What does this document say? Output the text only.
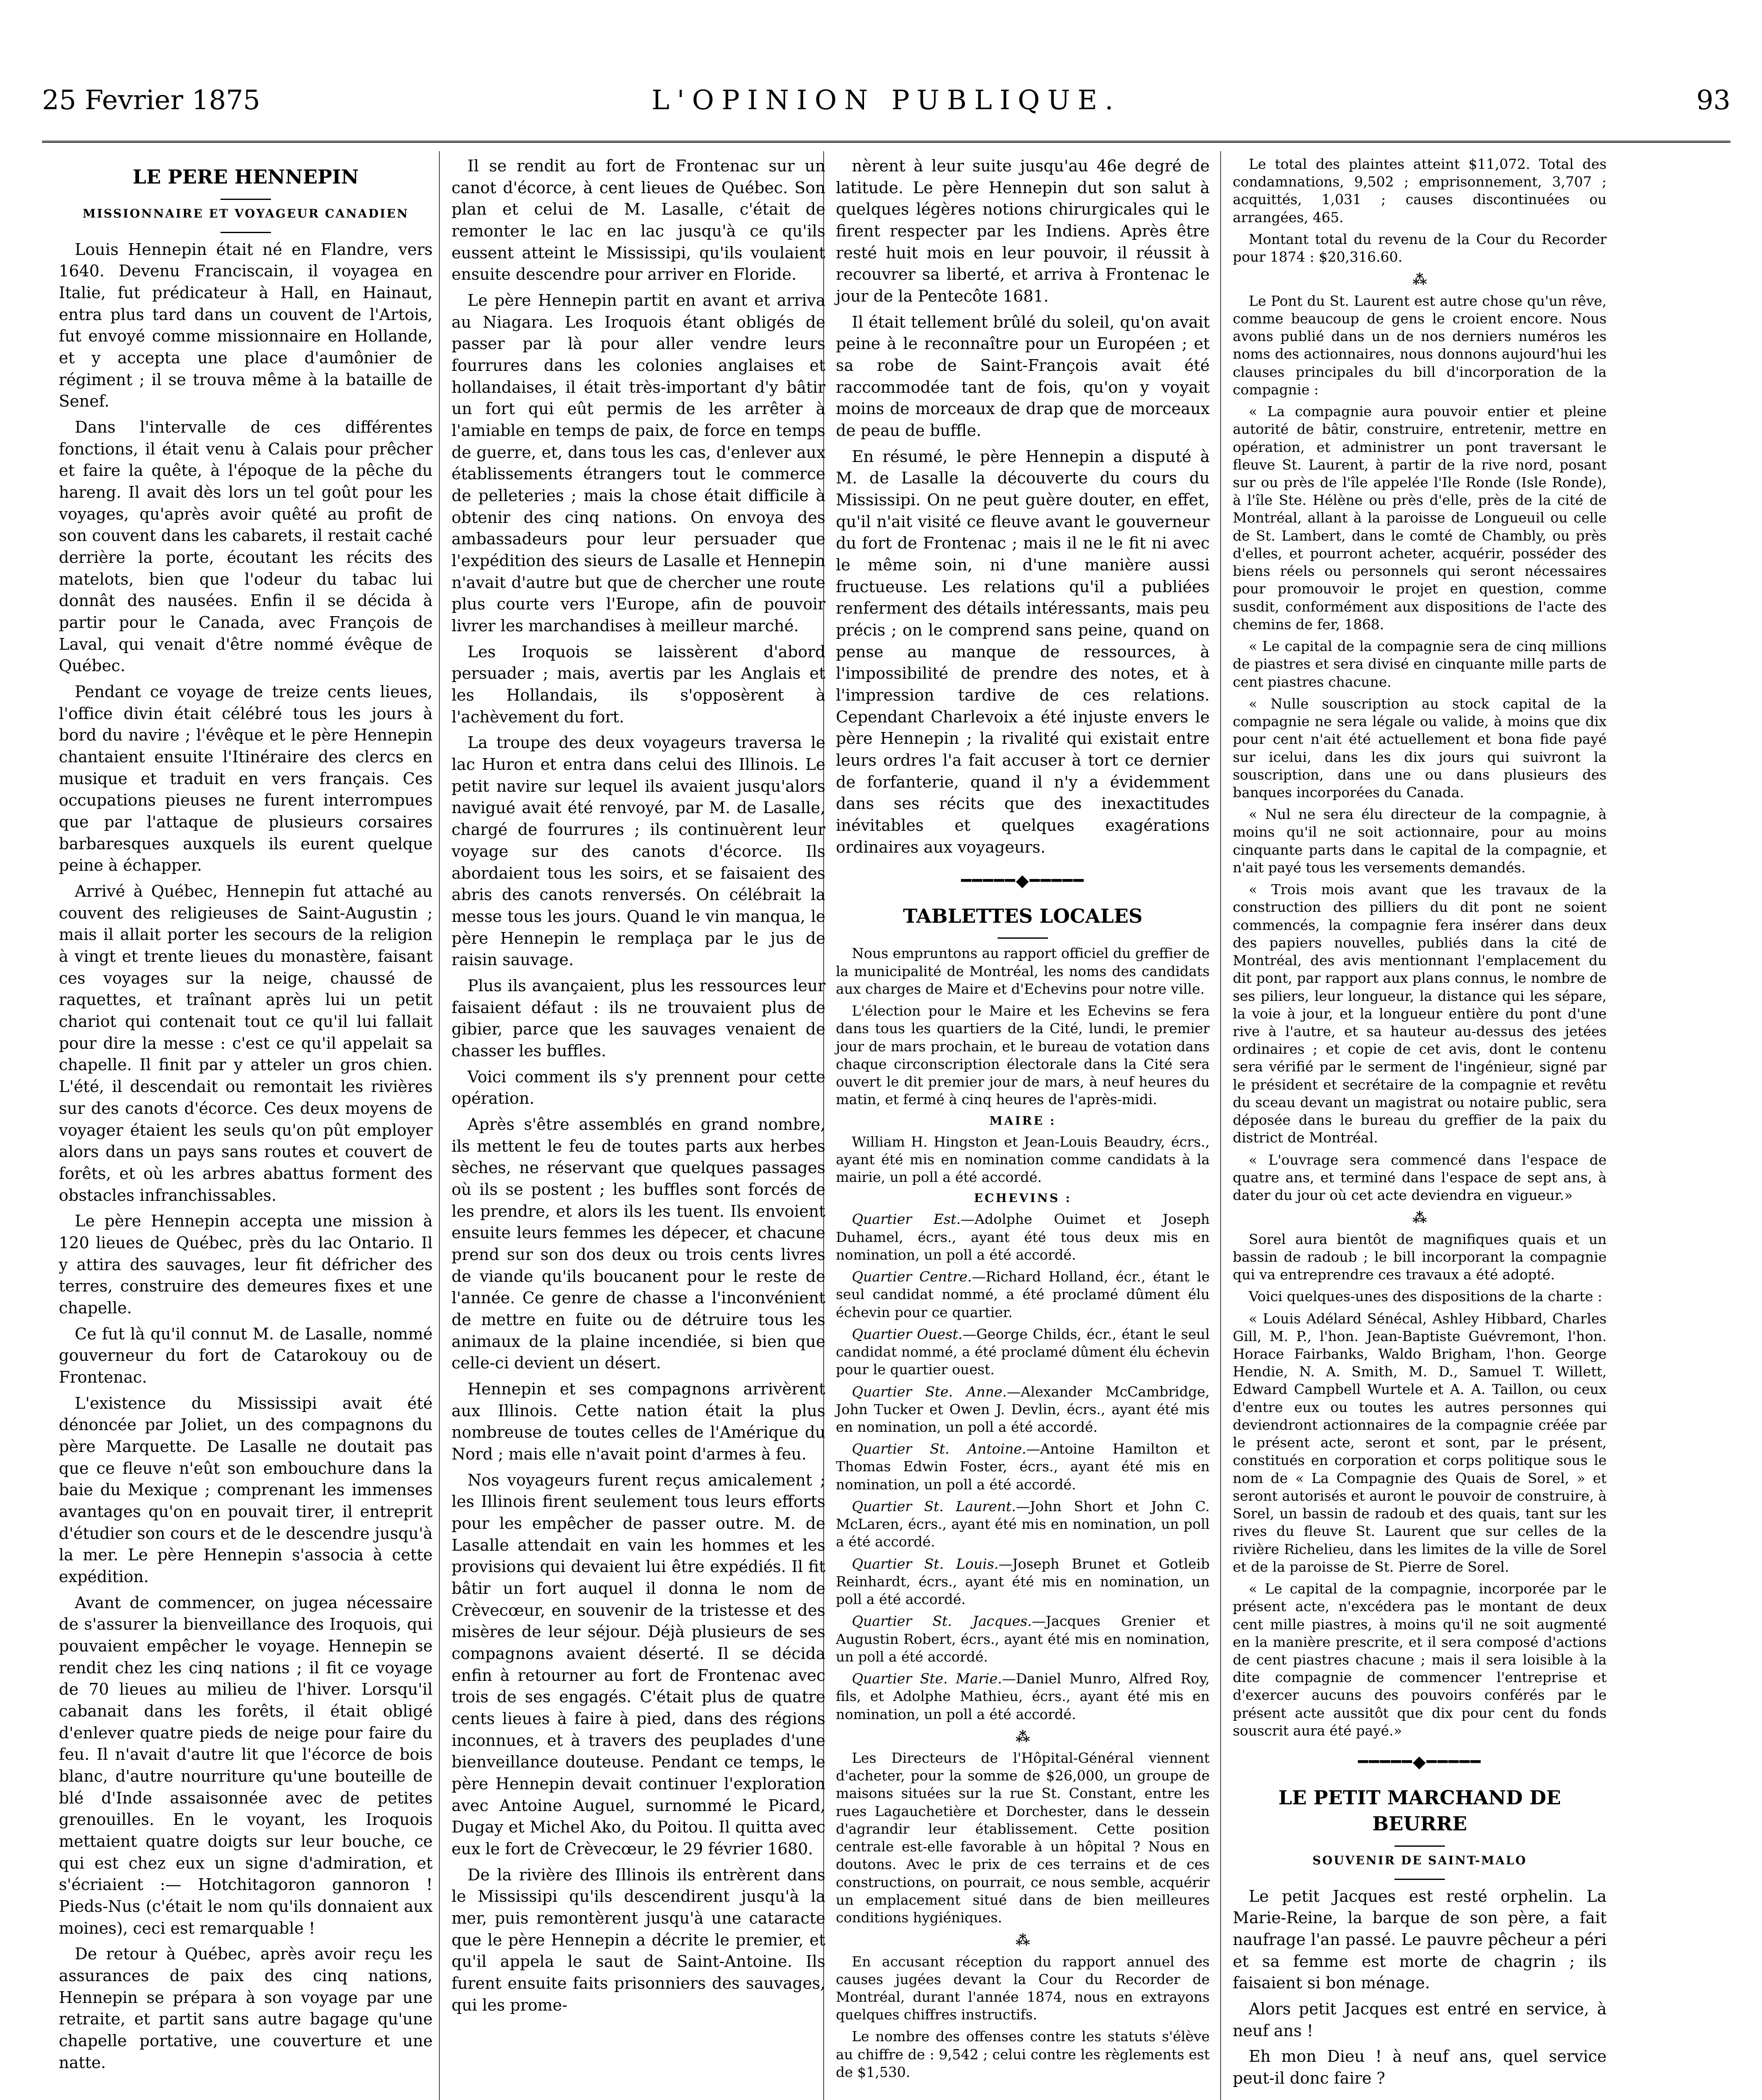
25 Fevrier 1875	L'OPINION PUBLIQUE.	93
LE PERE HENNEPIN
MISSIONNAIRE ET VOYAGEUR CANADIEN

Louis Hennepin était né en Flandre, vers 1640. Devenu Franciscain, il voyagea en Italie, fut prédicateur à Hall, en Hainaut, entra plus tard dans un couvent de l'Artois, fut envoyé comme missionnaire en Hollande, et y accepta une place d'aumônier de régiment ; il se trouva même à la bataille de Senef.

Dans l'intervalle de ces différentes fonctions, il était venu à Calais pour prêcher et faire la quête, à l'époque de la pêche du hareng. Il avait dès lors un tel goût pour les voyages, qu'après avoir quêté au profit de son couvent dans les cabarets, il restait caché derrière la porte, écoutant les récits des matelots, bien que l'odeur du tabac lui donnât des nausées. Enfin il se décida à partir pour le Canada, avec François de Laval, qui venait d'être nommé évêque de Québec.

Pendant ce voyage de treize cents lieues, l'office divin était célébré tous les jours à bord du navire ; l'évêque et le père Hennepin chantaient ensuite l'Itinéraire des clercs en musique et traduit en vers français. Ces occupations pieuses ne furent interrompues que par l'attaque de plusieurs corsaires barbaresques auxquels ils eurent quelque peine à échapper.

Arrivé à Québec, Hennepin fut attaché au couvent des religieuses de Saint-Augustin ; mais il allait porter les secours de la religion à vingt et trente lieues du monastère, faisant ces voyages sur la neige, chaussé de raquettes, et traînant après lui un petit chariot qui contenait tout ce qu'il lui fallait pour dire la messe : c'est ce qu'il appelait sa chapelle. Il finit par y atteler un gros chien. L'été, il descendait ou remontait les rivières sur des canots d'écorce. Ces deux moyens de voyager étaient les seuls qu'on pût employer alors dans un pays sans routes et couvert de forêts, et où les arbres abattus forment des obstacles infranchissables.

Le père Hennepin accepta une mission à 120 lieues de Québec, près du lac Ontario. Il y attira des sauvages, leur fit défricher des terres, construire des demeures fixes et une chapelle.

Ce fut là qu'il connut M. de Lasalle, nommé gouverneur du fort de Catarokouy ou de Frontenac.

L'existence du Mississipi avait été dénoncée par Joliet, un des compagnons du père Marquette. De Lasalle ne doutait pas que ce fleuve n'eût son embouchure dans la baie du Mexique ; comprenant les immenses avantages qu'on en pouvait tirer, il entreprit d'étudier son cours et de le descendre jusqu'à la mer. Le père Hennepin s'associa à cette expédition.

Avant de commencer, on jugea nécessaire de s'assurer la bienveillance des Iroquois, qui pouvaient empêcher le voyage. Hennepin se rendit chez les cinq nations ; il fit ce voyage de 70 lieues au milieu de l'hiver. Lorsqu'il cabanait dans les forêts, il était obligé d'enlever quatre pieds de neige pour faire du feu. Il n'avait d'autre lit que l'écorce de bois blanc, d'autre nourriture qu'une bouteille de blé d'Inde assaisonnée avec de petites grenouilles. En le voyant, les Iroquois mettaient quatre doigts sur leur bouche, ce qui est chez eux un signe d'admiration, et s'écriaient :— Hotchitagoron gannoron ! Pieds-Nus (c'était le nom qu'ils donnaient aux moines), ceci est remarquable !

De retour à Québec, après avoir reçu les assurances de paix des cinq nations, Hennepin se prépara à son voyage par une retraite, et partit sans autre bagage qu'une chapelle portative, une couverture et une natte.

Il se rendit au fort de Frontenac sur un canot d'écorce, à cent lieues de Québec. Son plan et celui de M. Lasalle, c'était de remonter le lac en lac jusqu'à ce qu'ils eussent atteint le Mississipi, qu'ils voulaient ensuite descendre pour arriver en Floride.

Le père Hennepin partit en avant et arriva au Niagara. Les Iroquois étant obligés de passer par là pour aller vendre leurs fourrures dans les colonies anglaises et hollandaises, il était très-important d'y bâtir un fort qui eût permis de les arrêter à l'amiable en temps de paix, de force en temps de guerre, et, dans tous les cas, d'enlever aux établissements étrangers tout le commerce de pelleteries ; mais la chose était difficile à obtenir des cinq nations. On envoya des ambassadeurs pour leur persuader que l'expédition des sieurs de Lasalle et Hennepin n'avait d'autre but que de chercher une route plus courte vers l'Europe, afin de pouvoir livrer les marchandises à meilleur marché.

Les Iroquois se laissèrent d'abord persuader ; mais, avertis par les Anglais et les Hollandais, ils s'opposèrent à l'achèvement du fort.

La troupe des deux voyageurs traversa le lac Huron et entra dans celui des Illinois. Le petit navire sur lequel ils avaient jusqu'alors navigué avait été renvoyé, par M. de Lasalle, chargé de fourrures ; ils continuèrent leur voyage sur des canots d'écorce. Ils abordaient tous les soirs, et se faisaient des abris des canots renversés. On célébrait la messe tous les jours. Quand le vin manqua, le père Hennepin le remplaça par le jus de raisin sauvage.

Plus ils avançaient, plus les ressources leur faisaient défaut : ils ne trouvaient plus de gibier, parce que les sauvages venaient de chasser les buffles.

Voici comment ils s'y prennent pour cette opération.

Après s'être assemblés en grand nombre, ils mettent le feu de toutes parts aux herbes sèches, ne réservant que quelques passages où ils se postent ; les buffles sont forcés de les prendre, et alors ils les tuent. Ils envoient ensuite leurs femmes les dépecer, et chacune prend sur son dos deux ou trois cents livres de viande qu'ils boucanent pour le reste de l'année. Ce genre de chasse a l'inconvénient de mettre en fuite ou de détruire tous les animaux de la plaine incendiée, si bien que celle-ci devient un désert.

Hennepin et ses compagnons arrivèrent aux Illinois. Cette nation était la plus nombreuse de toutes celles de l'Amérique du Nord ; mais elle n'avait point d'armes à feu.

Nos voyageurs furent reçus amicalement ; les Illinois firent seulement tous leurs efforts pour les empêcher de passer outre. M. de Lasalle attendait en vain les hommes et les provisions qui devaient lui être expédiés. Il fit bâtir un fort auquel il donna le nom de Crèvecœur, en souvenir de la tristesse et des misères de leur séjour. Déjà plusieurs de ses compagnons avaient déserté. Il se décida enfin à retourner au fort de Frontenac avec trois de ses engagés. C'était plus de quatre cents lieues à faire à pied, dans des régions inconnues, et à travers des peuplades d'une bienveillance douteuse. Pendant ce temps, le père Hennepin devait continuer l'exploration avec Antoine Auguel, surnommé le Picard, Dugay et Michel Ako, du Poitou. Il quitta avec eux le fort de Crèvecœur, le 29 février 1680.

De la rivière des Illinois ils entrèrent dans le Mississipi qu'ils descendirent jusqu'à la mer, puis remontèrent jusqu'à une cataracte que le père Hennepin a décrite le premier, et qu'il appela le saut de Saint-Antoine. Ils furent ensuite faits prisonniers des sauvages, qui les prome-

nèrent à leur suite jusqu'au 46e degré de latitude. Le père Hennepin dut son salut à quelques légères notions chirurgicales qui le firent respecter par les Indiens. Après être resté huit mois en leur pouvoir, il réussit à recouvrer sa liberté, et arriva à Frontenac le jour de la Pentecôte 1681.

Il était tellement brûlé du soleil, qu'on avait peine à le reconnaître pour un Européen ; et sa robe de Saint-François avait été raccommodée tant de fois, qu'on y voyait moins de morceaux de drap que de morceaux de peau de buffle.

En résumé, le père Hennepin a disputé à M. de Lasalle la découverte du cours du Mississipi. On ne peut guère douter, en effet, qu'il n'ait visité ce fleuve avant le gouverneur du fort de Frontenac ; mais il ne le fit ni avec le même soin, ni d'une manière aussi fructueuse. Les relations qu'il a publiées renferment des détails intéressants, mais peu précis ; on le comprend sans peine, quand on pense au manque de ressources, à l'impossibilité de prendre des notes, et à l'impression tardive de ces relations. Cependant Charlevoix a été injuste envers le père Hennepin ; la rivalité qui existait entre leurs ordres l'a fait accuser à tort ce dernier de forfanterie, quand il n'y a évidemment dans ses récits que des inexactitudes inévitables et quelques exagérations ordinaires aux voyageurs.

━━━━━◆━━━━━
TABLETTES LOCALES

Nous empruntons au rapport officiel du greffier de la municipalité de Montréal, les noms des candidats aux charges de Maire et d'Echevins pour notre ville.

L'élection pour le Maire et les Echevins se fera dans tous les quartiers de la Cité, lundi, le premier jour de mars prochain, et le bureau de votation dans chaque circonscription électorale dans la Cité sera ouvert le dit premier jour de mars, à neuf heures du matin, et fermé à cinq heures de l'après-midi.

MAIRE :

William H. Hingston et Jean-Louis Beaudry, écrs., ayant été mis en nomination comme candidats à la mairie, un poll a été accordé.

ECHEVINS :

Quartier Est.—Adolphe Ouimet et Joseph Duhamel, écrs., ayant été tous deux mis en nomination, un poll a été accordé.

Quartier Centre.—Richard Holland, écr., étant le seul candidat nommé, a été proclamé dûment élu échevin pour ce quartier.

Quartier Ouest.—George Childs, écr., étant le seul candidat nommé, a été proclamé dûment élu échevin pour le quartier ouest.

Quartier Ste. Anne.—Alexander McCambridge, John Tucker et Owen J. Devlin, écrs., ayant été mis en nomination, un poll a été accordé.

Quartier St. Antoine.—Antoine Hamilton et Thomas Edwin Foster, écrs., ayant été mis en nomination, un poll a été accordé.

Quartier St. Laurent.—John Short et John C. McLaren, écrs., ayant été mis en nomination, un poll a été accordé.

Quartier St. Louis.—Joseph Brunet et Gotleib Reinhardt, écrs., ayant été mis en nomination, un poll a été accordé.

Quartier St. Jacques.—Jacques Grenier et Augustin Robert, écrs., ayant été mis en nomination, un poll a été accordé.

Quartier Ste. Marie.—Daniel Munro, Alfred Roy, fils, et Adolphe Mathieu, écrs., ayant été mis en nomination, un poll a été accordé.

⁂

Les Directeurs de l'Hôpital-Général viennent d'acheter, pour la somme de $26,000, un groupe de maisons situées sur la rue St. Constant, entre les rues Lagauchetière et Dorchester, dans le dessein d'agrandir leur établissement. Cette position centrale est-elle favorable à un hôpital ? Nous en doutons. Avec le prix de ces terrains et de ces constructions, on pourrait, ce nous semble, acquérir un emplacement situé dans de bien meilleures conditions hygiéniques.

⁂

En accusant réception du rapport annuel des causes jugées devant la Cour du Recorder de Montréal, durant l'année 1874, nous en extrayons quelques chiffres instructifs.

Le nombre des offenses contre les statuts s'élève au chiffre de : 9,542 ; celui contre les règlements est de $1,530.

Le total des plaintes atteint $11,072. Total des condamnations, 9,502 ; emprisonnement, 3,707 ; acquittés, 1,031 ; causes discontinuées ou arrangées, 465.

Montant total du revenu de la Cour du Recorder pour 1874 : $20,316.60.

⁂

Le Pont du St. Laurent est autre chose qu'un rêve, comme beaucoup de gens le croient encore. Nous avons publié dans un de nos derniers numéros les noms des actionnaires, nous donnons aujourd'hui les clauses principales du bill d'incorporation de la compagnie :

« La compagnie aura pouvoir entier et pleine autorité de bâtir, construire, entretenir, mettre en opération, et administrer un pont traversant le fleuve St. Laurent, à partir de la rive nord, posant sur ou près de l'île appelée l'Ile Ronde (Isle Ronde), à l'île Ste. Hélène ou près d'elle, près de la cité de Montréal, allant à la paroisse de Longueuil ou celle de St. Lambert, dans le comté de Chambly, ou près d'elles, et pourront acheter, acquérir, posséder des biens réels ou personnels qui seront nécessaires pour promouvoir le projet en question, comme susdit, conformément aux dispositions de l'acte des chemins de fer, 1868.

« Le capital de la compagnie sera de cinq millions de piastres et sera divisé en cinquante mille parts de cent piastres chacune.

« Nulle souscription au stock capital de la compagnie ne sera légale ou valide, à moins que dix pour cent n'ait été actuellement et bona fide payé sur icelui, dans les dix jours qui suivront la souscription, dans une ou dans plusieurs des banques incorporées du Canada.

« Nul ne sera élu directeur de la compagnie, à moins qu'il ne soit actionnaire, pour au moins cinquante parts dans le capital de la compagnie, et n'ait payé tous les versements demandés.

« Trois mois avant que les travaux de la construction des pilliers du dit pont ne soient commencés, la compagnie fera insérer dans deux des papiers nouvelles, publiés dans la cité de Montréal, des avis mentionnant l'emplacement du dit pont, par rapport aux plans connus, le nombre de ses piliers, leur longueur, la distance qui les sépare, la voie à jour, et la longueur entière du pont d'une rive à l'autre, et sa hauteur au-dessus des jetées ordinaires ; et copie de cet avis, dont le contenu sera vérifié par le serment de l'ingénieur, signé par le président et secrétaire de la compagnie et revêtu du sceau devant un magistrat ou notaire public, sera déposée dans le bureau du greffier de la paix du district de Montréal.

« L'ouvrage sera commencé dans l'espace de quatre ans, et terminé dans l'espace de sept ans, à dater du jour où cet acte deviendra en vigueur.»

⁂

Sorel aura bientôt de magnifiques quais et un bassin de radoub ; le bill incorporant la compagnie qui va entreprendre ces travaux a été adopté.

Voici quelques-unes des dispositions de la charte :

« Louis Adélard Sénécal, Ashley Hibbard, Charles Gill, M. P., l'hon. Jean-Baptiste Guévremont, l'hon. Horace Fairbanks, Waldo Brigham, l'hon. George Hendie, N. A. Smith, M. D., Samuel T. Willett, Edward Campbell Wurtele et A. A. Taillon, ou ceux d'entre eux ou toutes les autres personnes qui deviendront actionnaires de la compagnie créée par le présent acte, seront et sont, par le présent, constitués en corporation et corps politique sous le nom de « La Compagnie des Quais de Sorel, » et seront autorisés et auront le pouvoir de construire, à Sorel, un bassin de radoub et des quais, tant sur les rives du fleuve St. Laurent que sur celles de la rivière Richelieu, dans les limites de la ville de Sorel et de la paroisse de St. Pierre de Sorel.

« Le capital de la compagnie, incorporée par le présent acte, n'excédera pas le montant de deux cent mille piastres, à moins qu'il ne soit augmenté en la manière prescrite, et il sera composé d'actions de cent piastres chacune ; mais il sera loisible à la dite compagnie de commencer l'entreprise et d'exercer aucuns des pouvoirs conférés par le présent acte aussitôt que dix pour cent du fonds souscrit aura été payé.»

━━━━━◆━━━━━
LE PETIT MARCHAND DE BEURRE
SOUVENIR DE SAINT-MALO

Le petit Jacques est resté orphelin. La Marie-Reine, la barque de son père, a fait naufrage l'an passé. Le pauvre pêcheur a péri et sa femme est morte de chagrin ; ils faisaient si bon ménage.

Alors petit Jacques est entré en service, à neuf ans !

Eh mon Dieu ! à neuf ans, quel service peut-il donc faire ?
